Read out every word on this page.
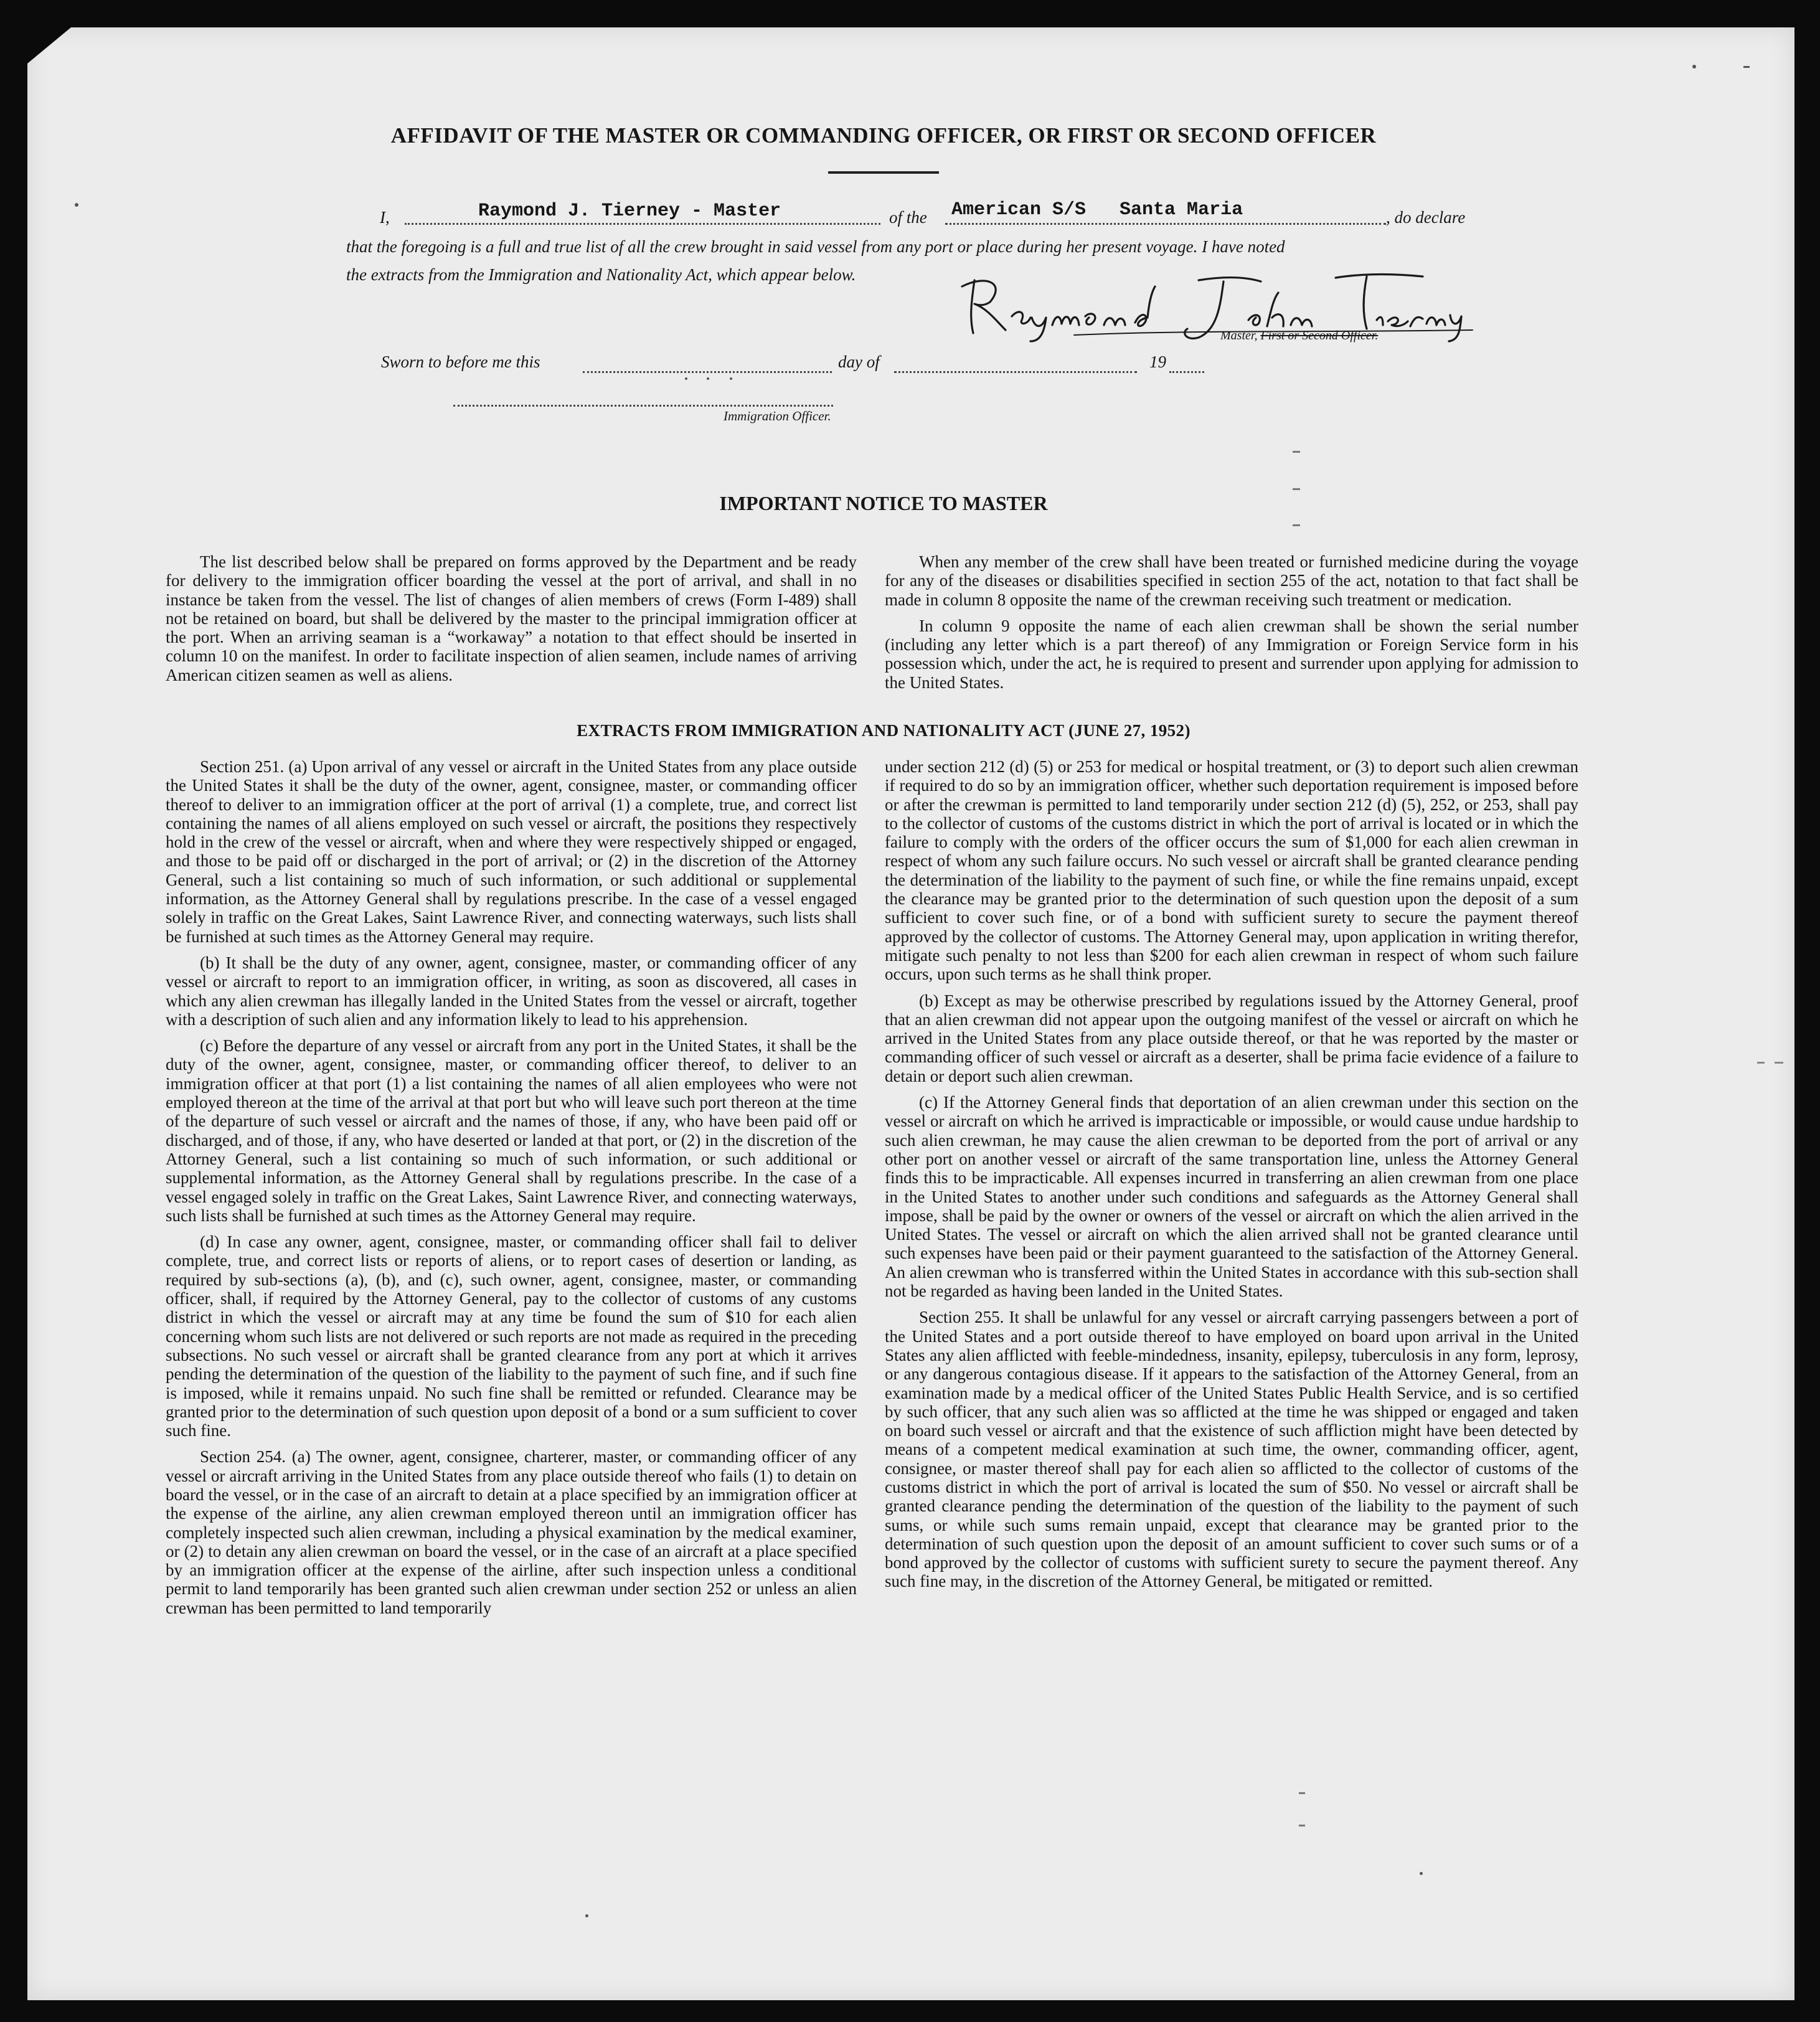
AFFIDAVIT OF THE MASTER OR COMMANDING OFFICER, OR FIRST OR SECOND OFFICER
I,	Raymond J. Tierney - Master	of the American S/S   Santa Maria	, do declare
that the foregoing is a full and true list of all the crew brought in said vessel from any port or place during her present voyage. I have noted
the extracts from the Immigration and Nationality Act, which appear below.
Master, First or Second Officer.
Sworn to before me this	day of	19
Immigration Officer.
IMPORTANT NOTICE TO MASTER

The list described below shall be prepared on forms approved by the Department and be ready for delivery to the immigration officer boarding the vessel at the port of arrival, and shall in no instance be taken from the vessel. The list of changes of alien members of crews (Form I-489) shall not be retained on board, but shall be delivered by the master to the principal immigration officer at the port. When an arriving seaman is a “workaway” a notation to that effect should be inserted in column 10 on the manifest. In order to facilitate inspection of alien seamen, include names of arriving American citizen seamen as well as aliens.

When any member of the crew shall have been treated or furnished medicine during the voyage for any of the diseases or disabilities specified in section 255 of the act, notation to that fact shall be made in column 8 opposite the name of the crewman receiving such treatment or medication.

In column 9 opposite the name of each alien crewman shall be shown the serial number (including any letter which is a part thereof) of any Immigration or Foreign Service form in his possession which, under the act, he is required to present and surrender upon applying for admission to the United States.

EXTRACTS FROM IMMIGRATION AND NATIONALITY ACT (JUNE 27, 1952)

Section 251. (a) Upon arrival of any vessel or aircraft in the United States from any place outside the United States it shall be the duty of the owner, agent, consignee, master, or commanding officer thereof to deliver to an immigration officer at the port of arrival (1) a complete, true, and correct list containing the names of all aliens employed on such vessel or aircraft, the positions they respectively hold in the crew of the vessel or aircraft, when and where they were respectively shipped or engaged, and those to be paid off or discharged in the port of arrival; or (2) in the discretion of the Attorney General, such a list containing so much of such information, or such additional or supplemental information, as the Attorney General shall by regulations prescribe. In the case of a vessel engaged solely in traffic on the Great Lakes, Saint Lawrence River, and connecting waterways, such lists shall be furnished at such times as the Attorney General may require.

(b) It shall be the duty of any owner, agent, consignee, master, or commanding officer of any vessel or aircraft to report to an immigration officer, in writing, as soon as discovered, all cases in which any alien crewman has illegally landed in the United States from the vessel or aircraft, together with a description of such alien and any information likely to lead to his apprehension.

(c) Before the departure of any vessel or aircraft from any port in the United States, it shall be the duty of the owner, agent, consignee, master, or commanding officer thereof, to deliver to an immigration officer at that port (1) a list containing the names of all alien employees who were not employed thereon at the time of the arrival at that port but who will leave such port thereon at the time of the departure of such vessel or aircraft and the names of those, if any, who have been paid off or discharged, and of those, if any, who have deserted or landed at that port, or (2) in the discretion of the Attorney General, such a list containing so much of such information, or such additional or supplemental information, as the Attorney General shall by regulations prescribe. In the case of a vessel engaged solely in traffic on the Great Lakes, Saint Lawrence River, and connecting waterways, such lists shall be furnished at such times as the Attorney General may require.

(d) In case any owner, agent, consignee, master, or commanding officer shall fail to deliver complete, true, and correct lists or reports of aliens, or to report cases of desertion or landing, as required by sub-sections (a), (b), and (c), such owner, agent, consignee, master, or commanding officer, shall, if required by the Attorney General, pay to the collector of customs of any customs district in which the vessel or aircraft may at any time be found the sum of $10 for each alien concerning whom such lists are not delivered or such reports are not made as required in the preceding subsections. No such vessel or aircraft shall be granted clearance from any port at which it arrives pending the determination of the question of the liability to the payment of such fine, and if such fine is imposed, while it remains unpaid. No such fine shall be remitted or refunded. Clearance may be granted prior to the determination of such question upon deposit of a bond or a sum sufficient to cover such fine.

Section 254. (a) The owner, agent, consignee, charterer, master, or commanding officer of any vessel or aircraft arriving in the United States from any place outside thereof who fails (1) to detain on board the vessel, or in the case of an aircraft to detain at a place specified by an immigration officer at the expense of the airline, any alien crewman employed thereon until an immigration officer has completely inspected such alien crewman, including a physical examination by the medical examiner, or (2) to detain any alien crewman on board the vessel, or in the case of an aircraft at a place specified by an immigration officer at the expense of the airline, after such inspection unless a conditional permit to land temporarily has been granted such alien crewman under section 252 or unless an alien crewman has been permitted to land temporarily

under section 212 (d) (5) or 253 for medical or hospital treatment, or (3) to deport such alien crewman if required to do so by an immigration officer, whether such deportation requirement is imposed before or after the crewman is permitted to land temporarily under section 212 (d) (5), 252, or 253, shall pay to the collector of customs of the customs district in which the port of arrival is located or in which the failure to comply with the orders of the officer occurs the sum of $1,000 for each alien crewman in respect of whom any such failure occurs. No such vessel or aircraft shall be granted clearance pending the determination of the liability to the payment of such fine, or while the fine remains unpaid, except the clearance may be granted prior to the determination of such question upon the deposit of a sum sufficient to cover such fine, or of a bond with sufficient surety to secure the payment thereof approved by the collector of customs. The Attorney General may, upon application in writing therefor, mitigate such penalty to not less than $200 for each alien crewman in respect of whom such failure occurs, upon such terms as he shall think proper.

(b) Except as may be otherwise prescribed by regulations issued by the Attorney General, proof that an alien crewman did not appear upon the outgoing manifest of the vessel or aircraft on which he arrived in the United States from any place outside thereof, or that he was reported by the master or commanding officer of such vessel or aircraft as a deserter, shall be prima facie evidence of a failure to detain or deport such alien crewman.

(c) If the Attorney General finds that deportation of an alien crewman under this section on the vessel or aircraft on which he arrived is impracticable or impossible, or would cause undue hardship to such alien crewman, he may cause the alien crewman to be deported from the port of arrival or any other port on another vessel or aircraft of the same transportation line, unless the Attorney General finds this to be impracticable. All expenses incurred in transferring an alien crewman from one place in the United States to another under such conditions and safeguards as the Attorney General shall impose, shall be paid by the owner or owners of the vessel or aircraft on which the alien arrived in the United States. The vessel or aircraft on which the alien arrived shall not be granted clearance until such expenses have been paid or their payment guaranteed to the satisfaction of the Attorney General. An alien crewman who is transferred within the United States in accordance with this sub-section shall not be regarded as having been landed in the United States.

Section 255. It shall be unlawful for any vessel or aircraft carrying passengers between a port of the United States and a port outside thereof to have employed on board upon arrival in the United States any alien afflicted with feeble-mindedness, insanity, epilepsy, tuberculosis in any form, leprosy, or any dangerous contagious disease. If it appears to the satisfaction of the Attorney General, from an examination made by a medical officer of the United States Public Health Service, and is so certified by such officer, that any such alien was so afflicted at the time he was shipped or engaged and taken on board such vessel or aircraft and that the existence of such affliction might have been detected by means of a competent medical examination at such time, the owner, commanding officer, agent, consignee, or master thereof shall pay for each alien so afflicted to the collector of customs of the customs district in which the port of arrival is located the sum of $50. No vessel or aircraft shall be granted clearance pending the determination of the question of the liability to the payment of such sums, or while such sums remain unpaid, except that clearance may be granted prior to the determination of such question upon the deposit of an amount sufficient to cover such sums or of a bond approved by the collector of customs with sufficient surety to secure the payment thereof. Any such fine may, in the discretion of the Attorney General, be mitigated or remitted.
